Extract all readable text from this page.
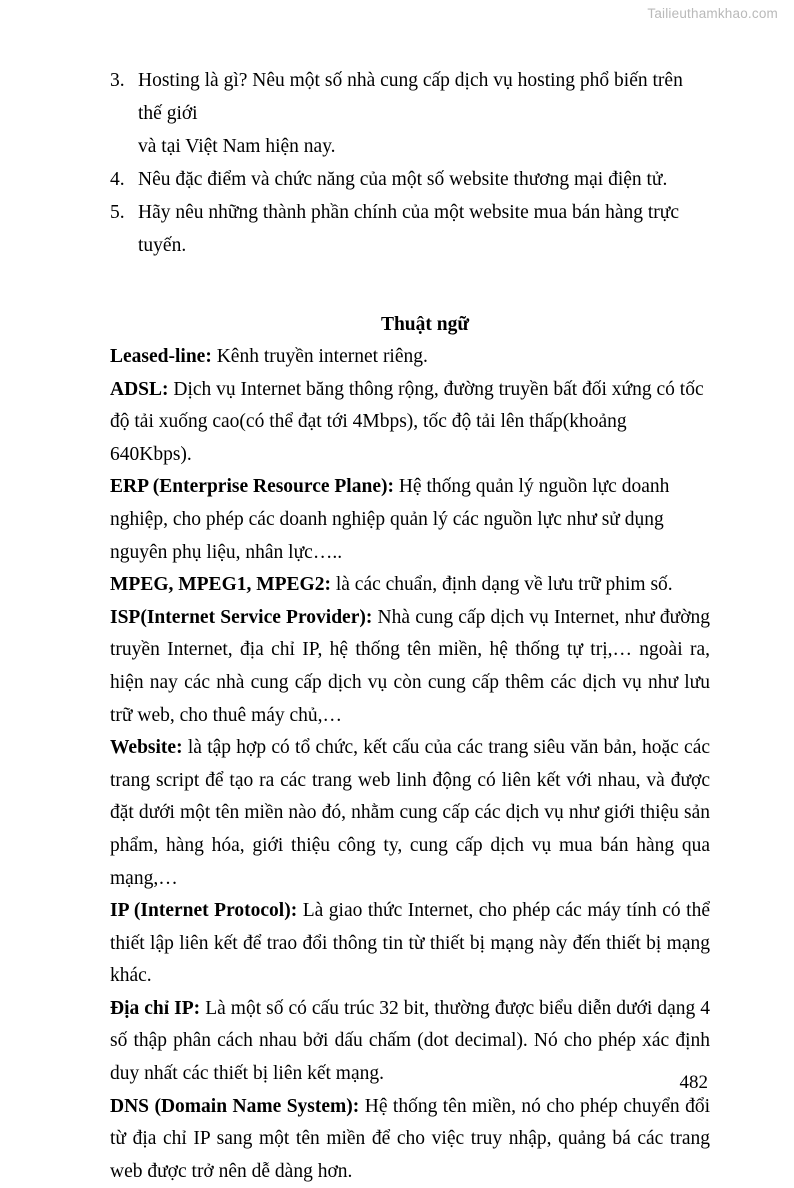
Tailieuthamkhao.com
3. Hosting là gì? Nêu một số nhà cung cấp dịch vụ hosting phổ biến trên thế giới
và tại Việt Nam hiện nay.
4. Nêu đặc điểm và chức năng của một số website thương mại điện tử.
5. Hãy nêu những thành phần chính của một website mua bán hàng trực tuyến.
Thuật ngữ

Leased-line: Kênh truyền internet riêng.

ADSL: Dịch vụ Internet băng thông rộng, đường truyền bất đối xứng có tốc độ tải xuống cao(có thể đạt tới 4Mbps), tốc độ tải lên thấp(khoảng 640Kbps).

ERP (Enterprise Resource Plane): Hệ thống quản lý nguồn lực doanh nghiệp, cho phép các doanh nghiệp quản lý các nguồn lực như sử dụng nguyên phụ liệu, nhân lực…..

MPEG, MPEG1, MPEG2: là các chuẩn, định dạng về lưu trữ phim số.

ISP(Internet Service Provider): Nhà cung cấp dịch vụ Internet, như đường truyền Internet, địa chỉ IP, hệ thống tên miền, hệ thống tự trị,… ngoài ra, hiện nay các nhà cung cấp dịch vụ còn cung cấp thêm các dịch vụ như lưu trữ web, cho thuê máy chủ,…

Website: là tập hợp có tổ chức, kết cấu của các trang siêu văn bản, hoặc các trang script để tạo ra các trang web linh động có liên kết với nhau, và được đặt dưới một tên miền nào đó, nhằm cung cấp các dịch vụ như giới thiệu sản phẩm, hàng hóa, giới thiệu công ty, cung cấp dịch vụ mua bán hàng qua mạng,…

IP (Internet Protocol): Là giao thức Internet, cho phép các máy tính có thể thiết lập liên kết để trao đổi thông tin từ thiết bị mạng này đến thiết bị mạng khác.

Địa chỉ IP: Là một số có cấu trúc 32 bit, thường được biểu diễn dưới dạng 4 số thập phân cách nhau bởi dấu chấm (dot decimal). Nó cho phép xác định duy nhất các thiết bị liên kết mạng.

DNS (Domain Name System): Hệ thống tên miền, nó cho phép chuyển đổi từ địa chỉ IP sang một tên miền để cho việc truy nhập, quảng bá các trang web được trở nên dễ dàng hơn.

482
